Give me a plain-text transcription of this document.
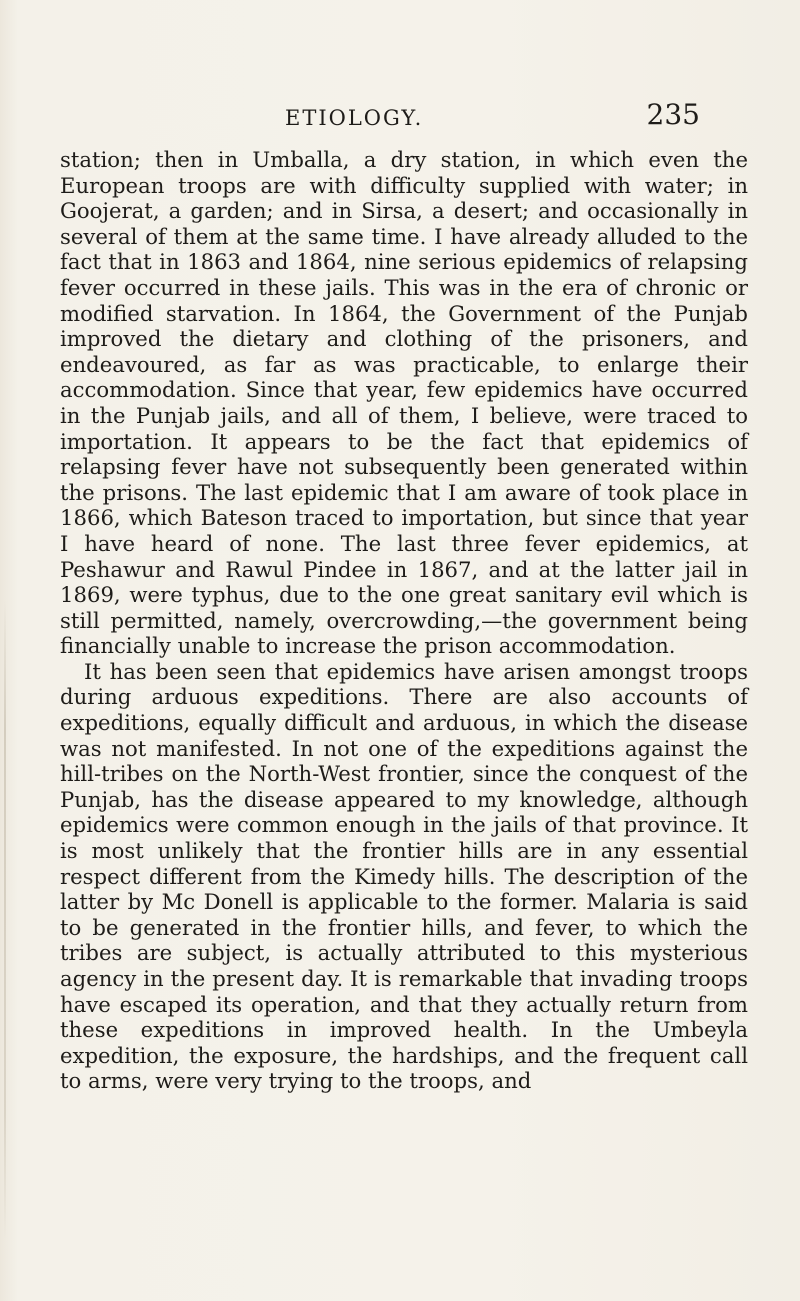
ETIOLOGY.	235

station; then in Umballa, a dry station, in which even the European troops are with difficulty supplied with water; in Goojerat, a garden; and in Sirsa, a desert; and occasionally in several of them at the same time. I have already alluded to the fact that in 1863 and 1864, nine serious epidemics of relapsing fever occurred in these jails. This was in the era of chronic or modified starvation. In 1864, the Government of the Punjab improved the dietary and clothing of the prisoners, and endeavoured, as far as was practicable, to enlarge their accommodation. Since that year, few epidemics have occurred in the Punjab jails, and all of them, I believe, were traced to importation. It appears to be the fact that epidemics of relapsing fever have not subsequently been generated within the prisons. The last epidemic that I am aware of took place in 1866, which Bateson traced to importation, but since that year I have heard of none. The last three fever epidemics, at Peshawur and Rawul Pindee in 1867, and at the latter jail in 1869, were typhus, due to the one great sanitary evil which is still permitted, namely, overcrowding,—the government being financially unable to increase the prison accommodation.

It has been seen that epidemics have arisen amongst troops during arduous expeditions. There are also accounts of expeditions, equally difficult and arduous, in which the disease was not manifested. In not one of the expeditions against the hill-tribes on the North-West frontier, since the conquest of the Punjab, has the disease appeared to my knowledge, although epidemics were common enough in the jails of that province. It is most unlikely that the frontier hills are in any essential respect different from the Kimedy hills. The description of the latter by Mc Donell is applicable to the former. Malaria is said to be generated in the frontier hills, and fever, to which the tribes are subject, is actually attributed to this mysterious agency in the present day. It is remarkable that invading troops have escaped its operation, and that they actually return from these expeditions in improved health. In the Umbeyla expedition, the exposure, the hardships, and the frequent call to arms, were very trying to the troops, and
